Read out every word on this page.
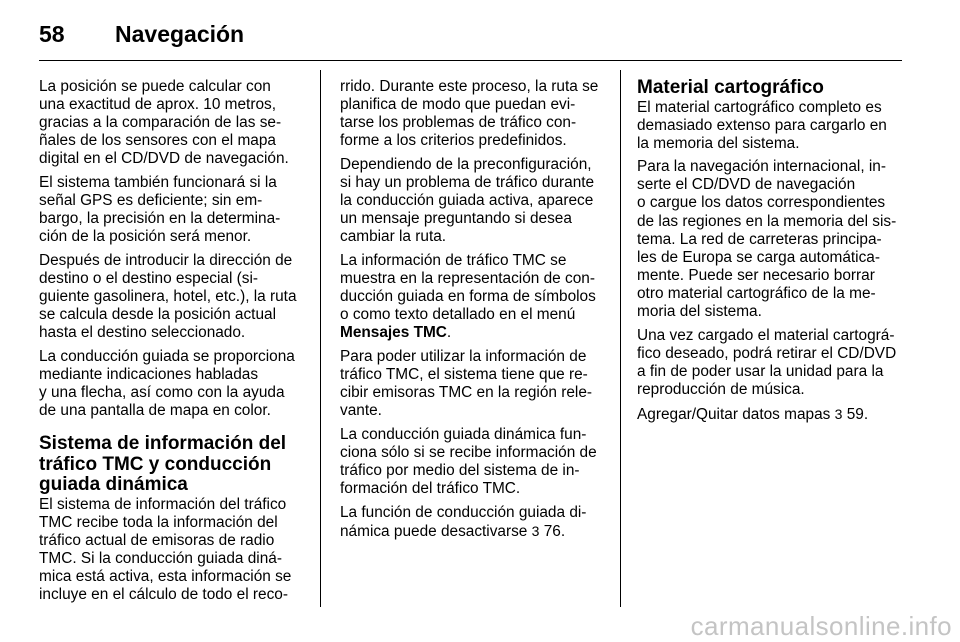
58	Navegación

La posición se puede calcular con
una exactitud de aprox. 10 metros,
gracias a la comparación de las se-
ñales de los sensores con el mapa
digital en el CD/DVD de navegación.

El sistema también funcionará si la
señal GPS es deficiente; sin em-
bargo, la precisión en la determina-
ción de la posición será menor.

Después de introducir la dirección de
destino o el destino especial (si-
guiente gasolinera, hotel, etc.), la ruta
se calcula desde la posición actual
hasta el destino seleccionado.

La conducción guiada se proporciona
mediante indicaciones habladas
y una flecha, así como con la ayuda
de una pantalla de mapa en color.

Sistema de información del
tráfico TMC y conducción
guiada dinámica

El sistema de información del tráfico
TMC recibe toda la información del
tráfico actual de emisoras de radio
TMC. Si la conducción guiada diná-
mica está activa, esta información se
incluye en el cálculo de todo el reco-

rrido. Durante este proceso, la ruta se
planifica de modo que puedan evi-
tarse los problemas de tráfico con-
forme a los criterios predefinidos.

Dependiendo de la preconfiguración,
si hay un problema de tráfico durante
la conducción guiada activa, aparece
un mensaje preguntando si desea
cambiar la ruta.

La información de tráfico TMC se
muestra en la representación de con-
ducción guiada en forma de símbolos
o como texto detallado en el menú
Mensajes TMC.

Para poder utilizar la información de
tráfico TMC, el sistema tiene que re-
cibir emisoras TMC en la región rele-
vante.

La conducción guiada dinámica fun-
ciona sólo si se recibe información de
tráfico por medio del sistema de in-
formación del tráfico TMC.

La función de conducción guiada di-
námica puede desactivarse 3 76.

Material cartográfico

El material cartográfico completo es
demasiado extenso para cargarlo en
la memoria del sistema.

Para la navegación internacional, in-
serte el CD/DVD de navegación
o cargue los datos correspondientes
de las regiones en la memoria del sis-
tema. La red de carreteras principa-
les de Europa se carga automática-
mente. Puede ser necesario borrar
otro material cartográfico de la me-
moria del sistema.

Una vez cargado el material cartográ-
fico deseado, podrá retirar el CD/DVD
a fin de poder usar la unidad para la
reproducción de música.

Agregar/Quitar datos mapas 3 59.

carmanualsonline.info
